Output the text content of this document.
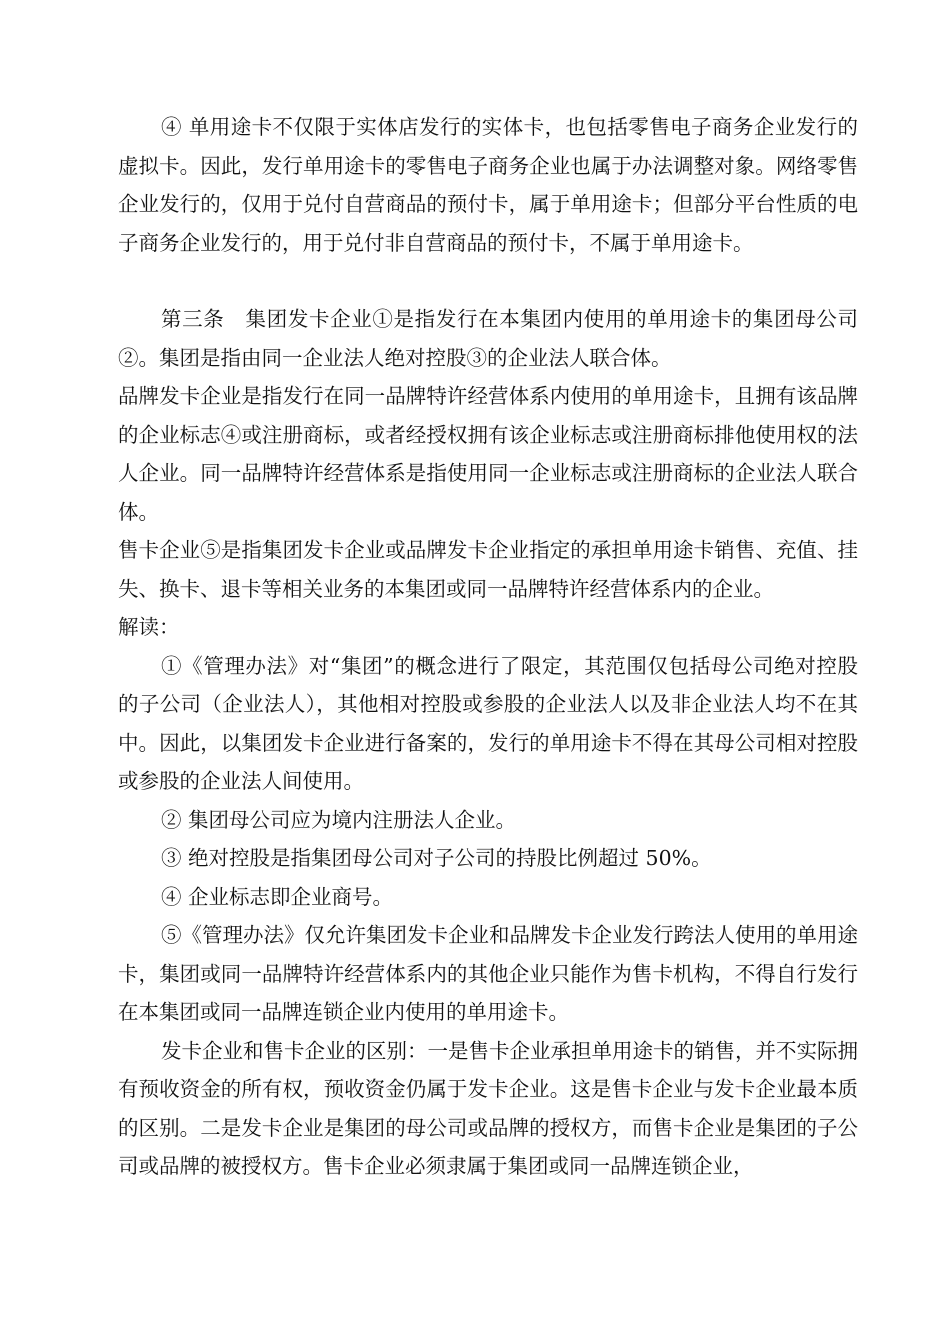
④ 单用途卡不仅限于实体店发行的实体卡，也包括零售电子商务企业发行的虚拟卡。因此，发行单用途卡的零售电子商务企业也属于办法调整对象。网络零售企业发行的，仅用于兑付自营商品的预付卡，属于单用途卡；但部分平台性质的电子商务企业发行的，用于兑付非自营商品的预付卡，不属于单用途卡。

第三条　集团发卡企业①是指发行在本集团内使用的单用途卡的集团母公司②。集团是指由同一企业法人绝对控股③的企业法人联合体。

品牌发卡企业是指发行在同一品牌特许经营体系内使用的单用途卡，且拥有该品牌的企业标志④或注册商标，或者经授权拥有该企业标志或注册商标排他使用权的法人企业。同一品牌特许经营体系是指使用同一企业标志或注册商标的企业法人联合体。

售卡企业⑤是指集团发卡企业或品牌发卡企业指定的承担单用途卡销售、充值、挂失、换卡、退卡等相关业务的本集团或同一品牌特许经营体系内的企业。

解读：

①《管理办法》对“集团”的概念进行了限定，其范围仅包括母公司绝对控股的子公司（企业法人），其他相对控股或参股的企业法人以及非企业法人均不在其中。因此，以集团发卡企业进行备案的，发行的单用途卡不得在其母公司相对控股或参股的企业法人间使用。

② 集团母公司应为境内注册法人企业。

③ 绝对控股是指集团母公司对子公司的持股比例超过 50%。

④ 企业标志即企业商号。

⑤《管理办法》仅允许集团发卡企业和品牌发卡企业发行跨法人使用的单用途卡，集团或同一品牌特许经营体系内的其他企业只能作为售卡机构，不得自行发行在本集团或同一品牌连锁企业内使用的单用途卡。

发卡企业和售卡企业的区别：一是售卡企业承担单用途卡的销售，并不实际拥有预收资金的所有权，预收资金仍属于发卡企业。这是售卡企业与发卡企业最本质的区别。二是发卡企业是集团的母公司或品牌的授权方，而售卡企业是集团的子公司或品牌的被授权方。售卡企业必须隶属于集团或同一品牌连锁企业，
